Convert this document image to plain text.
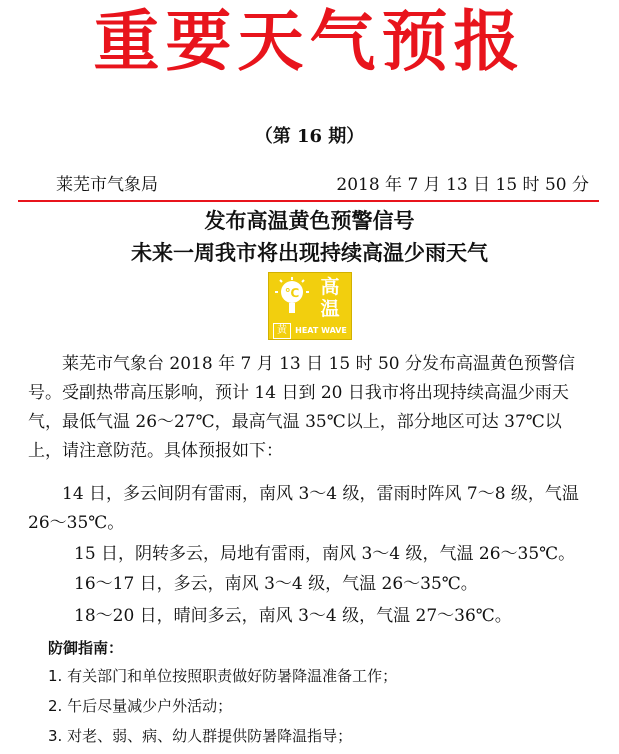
重要天气预报
（第 16 期）
莱芜市气象局	2018 年 7 月 13 日 15 时 50 分
发布高温黄色预警信号
未来一周我市将出现持续高温少雨天气
℃	高
温
黄	HEAT WAVE
莱芜市气象台 2018 年 7 月 13 日 15 时 50 分发布高温黄色预警信号。受副热带高压影响，预计 14 日到 20 日我市将出现持续高温少雨天气，最低气温 26～27℃，最高气温 35℃以上，部分地区可达 37℃以上，请注意防范。具体预报如下：
14 日，多云间阴有雷雨，南风 3～4 级，雷雨时阵风 7～8 级，气温 26～35℃。
15 日，阴转多云，局地有雷雨，南风 3～4 级，气温 26～35℃。
16～17 日，多云，南风 3～4 级，气温 26～35℃。
18～20 日，晴间多云，南风 3～4 级，气温 27～36℃。
防御指南：
1. 有关部门和单位按照职责做好防暑降温准备工作；
2. 午后尽量减少户外活动；
3. 对老、弱、病、幼人群提供防暑降温指导；
